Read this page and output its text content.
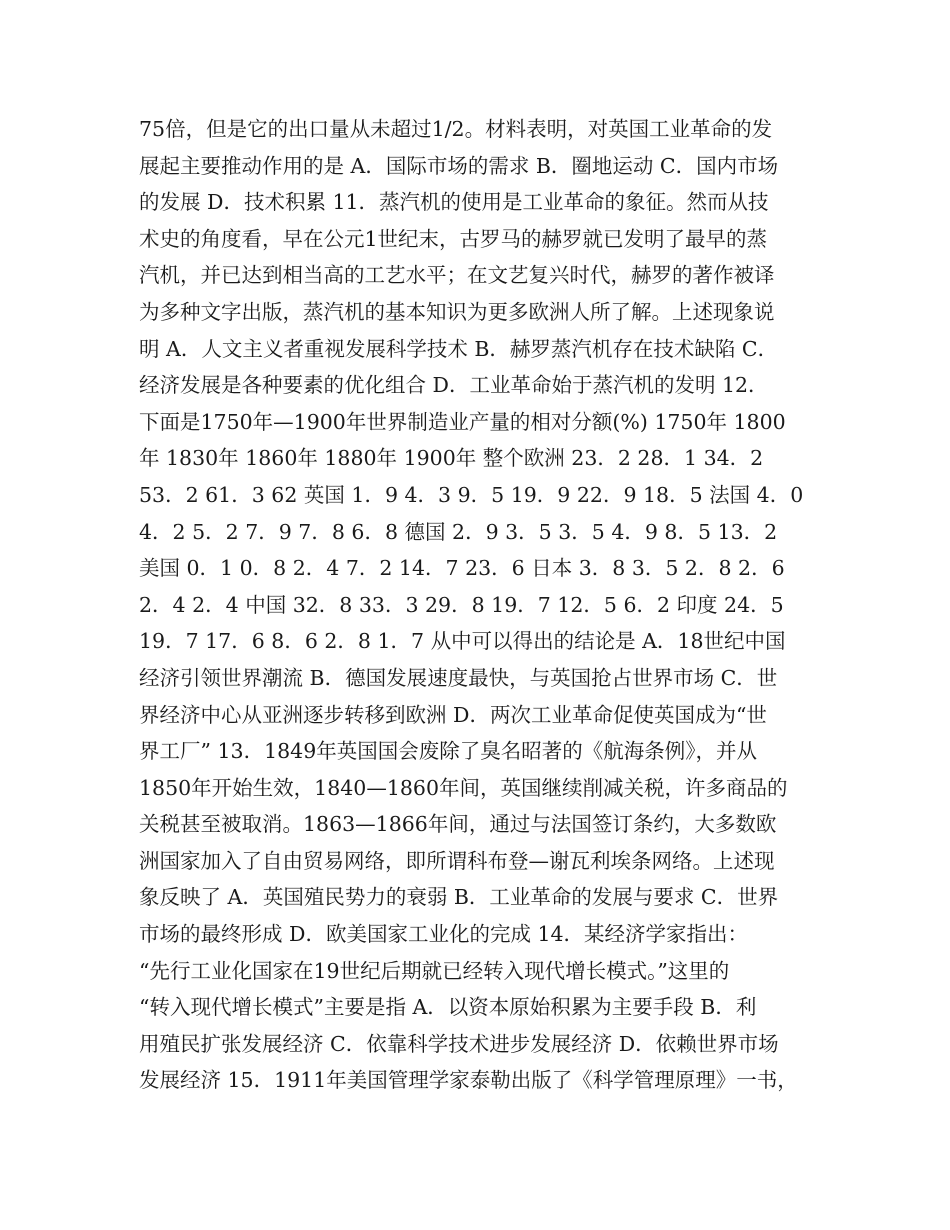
75倍，但是它的出口量从未超过1/2。材料表明，对英国工业革命的发
展起主要推动作用的是 A．国际市场的需求 B．圈地运动 C．国内市场
的发展 D．技术积累 11．蒸汽机的使用是工业革命的象征。然而从技
术史的角度看，早在公元1世纪末，古罗马的赫罗就已发明了最早的蒸
汽机，并已达到相当高的工艺水平；在文艺复兴时代，赫罗的著作被译
为多种文字出版，蒸汽机的基本知识为更多欧洲人所了解。上述现象说
明 A．人文主义者重视发展科学技术 B．赫罗蒸汽机存在技术缺陷 C．
经济发展是各种要素的优化组合 D．工业革命始于蒸汽机的发明 12．
下面是1750年—1900年世界制造业产量的相对分额(%) 1750年 1800
年 1830年 1860年 1880年 1900年 整个欧洲 23．2 28．1 34．2
53．2 61．3 62 英国 1．9 4．3 9．5 19．9 22．9 18．5 法国 4．0
4．2 5．2 7．9 7．8 6．8 德国 2．9 3．5 3．5 4．9 8．5 13．2
美国 0．1 0．8 2．4 7．2 14．7 23．6 日本 3．8 3．5 2．8 2．6
2．4 2．4 中国 32．8 33．3 29．8 19．7 12．5 6．2 印度 24．5
19．7 17．6 8．6 2．8 1．7 从中可以得出的结论是 A．18世纪中国
经济引领世界潮流 B．德国发展速度最快，与英国抢占世界市场 C．世
界经济中心从亚洲逐步转移到欧洲 D．两次工业革命促使英国成为“世
界工厂” 13．1849年英国国会废除了臭名昭著的《航海条例》，并从
1850年开始生效，1840—1860年间，英国继续削减关税，许多商品的
关税甚至被取消。1863—1866年间，通过与法国签订条约，大多数欧
洲国家加入了自由贸易网络，即所谓科布登—谢瓦利埃条网络。上述现
象反映了 A．英国殖民势力的衰弱 B．工业革命的发展与要求 C．世界
市场的最终形成 D．欧美国家工业化的完成 14．某经济学家指出：
“先行工业化国家在19世纪后期就已经转入现代增长模式。”这里的
“转入现代增长模式”主要是指 A．以资本原始积累为主要手段 B．利
用殖民扩张发展经济 C．依靠科学技术进步发展经济 D．依赖世界市场
发展经济 15．1911年美国管理学家泰勒出版了《科学管理原理》一书，
